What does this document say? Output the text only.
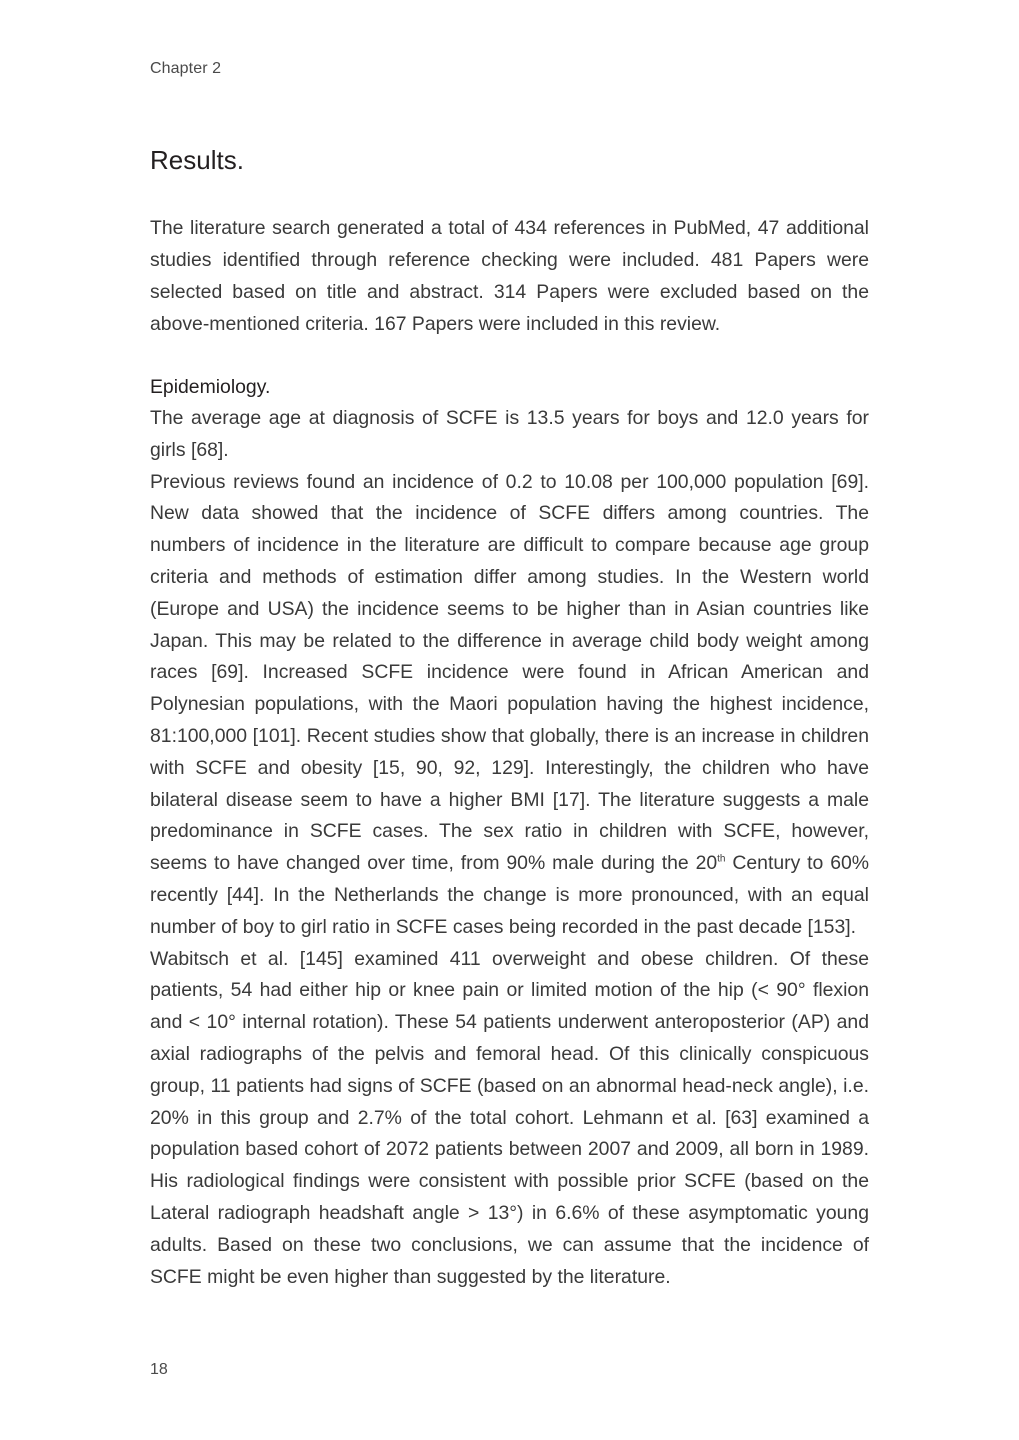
Chapter 2
Results.

The literature search generated a total of 434 references in PubMed, 47 additional studies identified through reference checking were included. 481 Papers were selected based on title and abstract. 314 Papers were excluded based on the above-mentioned criteria. 167 Papers were included in this review.

Epidemiology.

The average age at diagnosis of SCFE is 13.5 years for boys and 12.0 years for girls [68].

Previous reviews found an incidence of 0.2 to 10.08 per 100,000 population [69]. New data showed that the incidence of SCFE differs among countries. The numbers of incidence in the literature are difficult to compare because age group criteria and methods of estimation differ among studies. In the Western world (Europe and USA) the incidence seems to be higher than in Asian countries like Japan. This may be related to the difference in average child body weight among races [69]. Increased SCFE incidence were found in African American and Polynesian populations, with the Maori population having the highest incidence, 81:100,000 [101]. Recent studies show that globally, there is an increase in children with SCFE and obesity [15, 90, 92, 129]. Interestingly, the children who have bilateral disease seem to have a higher BMI [17]. The literature suggests a male predominance in SCFE cases. The sex ratio in children with SCFE, however, seems to have changed over time, from 90% male during the 20th Century to 60% recently [44]. In the Netherlands the change is more pronounced, with an equal number of boy to girl ratio in SCFE cases being recorded in the past decade [153].

Wabitsch et al. [145] examined 411 overweight and obese children. Of these patients, 54 had either hip or knee pain or limited motion of the hip (< 90° flexion and < 10° internal rotation). These 54 patients underwent anteroposterior (AP) and axial radiographs of the pelvis and femoral head. Of this clinically conspicuous group, 11 patients had signs of SCFE (based on an abnormal head-neck angle), i.e. 20% in this group and 2.7% of the total cohort. Lehmann et al. [63] examined a population based cohort of 2072 patients between 2007 and 2009, all born in 1989. His radiological findings were consistent with possible prior SCFE (based on the Lateral radiograph headshaft angle > 13°) in 6.6% of these asymptomatic young adults. Based on these two conclusions, we can assume that the incidence of SCFE might be even higher than suggested by the literature.

18
